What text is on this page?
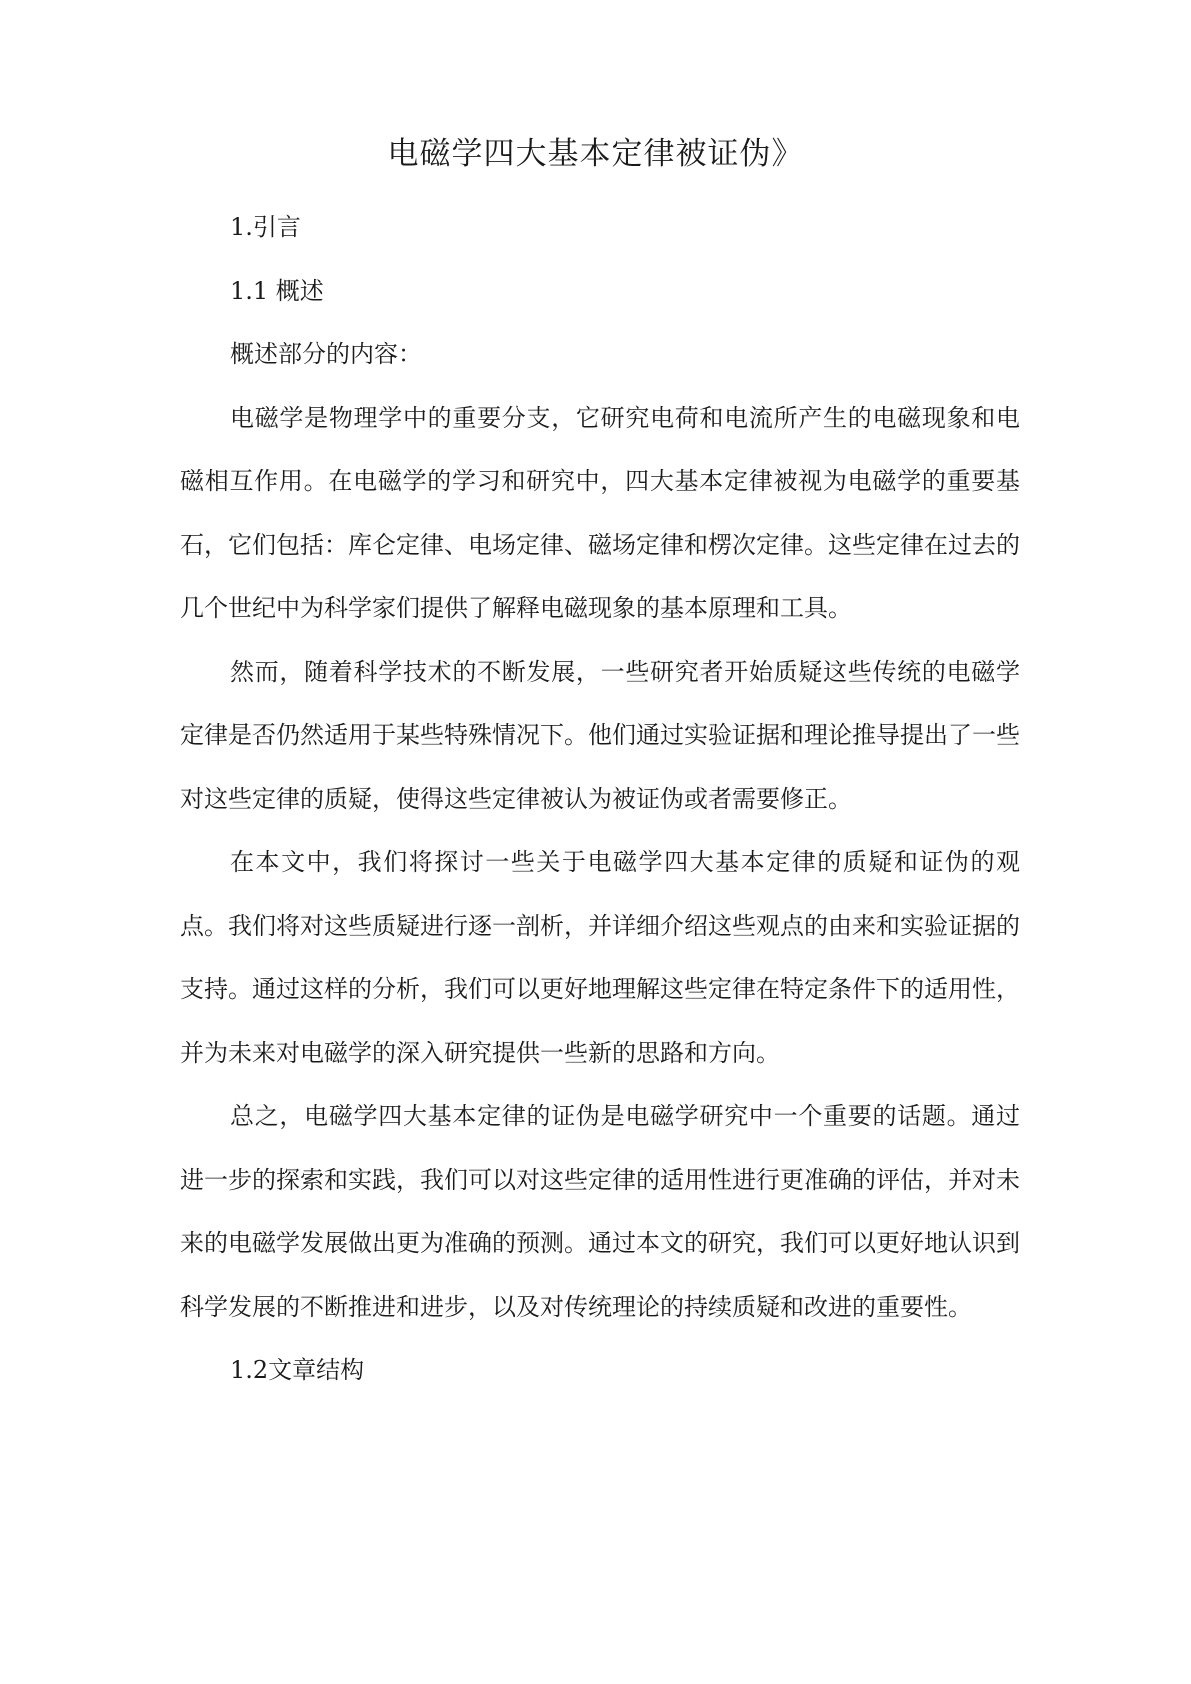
电磁学四大基本定律被证伪》

1.引言

1.1 概述

概述部分的内容：

电磁学是物理学中的重要分支，它研究电荷和电流所产生的电磁现象和电磁相互作用。在电磁学的学习和研究中，四大基本定律被视为电磁学的重要基石，它们包括：库仑定律、电场定律、磁场定律和楞次定律。这些定律在过去的几个世纪中为科学家们提供了解释电磁现象的基本原理和工具。

然而，随着科学技术的不断发展，一些研究者开始质疑这些传统的电磁学定律是否仍然适用于某些特殊情况下。他们通过实验证据和理论推导提出了一些对这些定律的质疑，使得这些定律被认为被证伪或者需要修正。

在本文中，我们将探讨一些关于电磁学四大基本定律的质疑和证伪的观点。我们将对这些质疑进行逐一剖析，并详细介绍这些观点的由来和实验证据的支持。通过这样的分析，我们可以更好地理解这些定律在特定条件下的适用性，并为未来对电磁学的深入研究提供一些新的思路和方向。

总之，电磁学四大基本定律的证伪是电磁学研究中一个重要的话题。通过进一步的探索和实践，我们可以对这些定律的适用性进行更准确的评估，并对未来的电磁学发展做出更为准确的预测。通过本文的研究，我们可以更好地认识到科学发展的不断推进和进步，以及对传统理论的持续质疑和改进的重要性。

1.2文章结构
